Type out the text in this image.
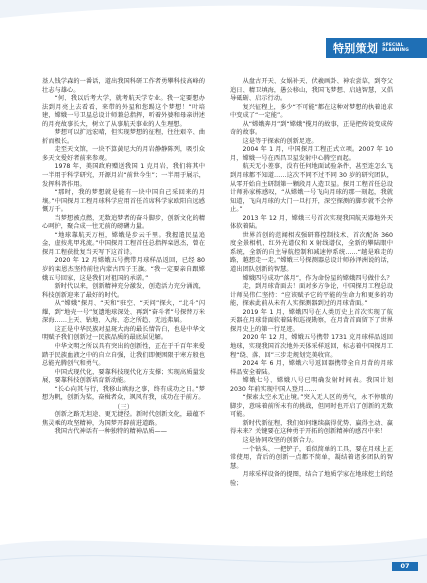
特别策划 SPECIAL
PLANNING

基人钱学森的一番话，道出我国科研工作者勇攀科技高峰的壮志与雄心。

“何、我以后考大学，就考航天学专业。我一定要想办法到月亮上去看看，来带的外星和您踢这个梦想！”叶培建，嫦娥一号卫星总设计师兼总指挥，听着外婆和母亲讲述的月亮故事长大，树立了从事航天事业的人生理想。

梦想可以扩远宏晴，但实现梦想的征程，往往艰辛、曲折而极长。

走至天文馆，一块不算黄尼大的月岩静静陈列，吸引众多天文爱好者前来参观。

1978 年，美国政府赠送我国 1 克月岩，我们将其中一半用于科学研究，开源月岩“前世今生”；一半用于展示，发挥科普作用。

“那时，我的梦想就是能有一块中国自己采回来的月壤。”中国探月工程月球科学应用首任首席科学家欧阳自远感慨万千。

当梦想被点燃，无数追梦者的奋斗脚步，创新文化的精心呵护，聚合成一往无前的磅礴力量。

“地球靠航天万桓，嫦娥是步云千里。我握遣民星追金，虚按兆甲兆流。”中国探月工程首任总指挥栾恩杰，曾在探月工程获批复当天写下这首诗。

2020 年 12 月嫦娥五号携带月球样品返回，已经 80 岁的栾恩杰坚持前往内蒙古四子王旗。“我一定要亲自跟嫦娥五号回家，这是我们对祖国的承诺。”

新时代以来，创新精神充分激发，创造活力充分涌流，科技创新迎来了最好的时代。

从“嫦娥”探月、“天和”驻空、“天问”探火，“北斗”闪耀，到“地壳一号”复遗地球深处、再到“奋斗者”号探替万米深海……上天、钻地、入海、态之所趋、无远弗届。

这正是中华民族对星斑大海的最长情告白，也是中华文明赋予我们创新过一民族品质的最底层见解。

中华文明之所以具有突出的创新性，正在于千百年来爱踏于民族血液之中的自立自强，让我们即便困限于寒方般也总能光腾创气和勇气。

中国式现代化，要靠科技现代化方支撑；实现高质量发展，要靠科技创新培育新动能。

“长心向其与行，我移山填海之事，终有成功之日。”梦想为帆，创新为桨，奋楫者众，飒风有我，成功在于前方。

（三）

创新之路无坦途、更无捷径。新时代创新文化，最蕴不焦灵乘的攻坚精神，为国梦开辟前进道路。

我国古代神话有一种独特的精神品质——

从盘古开天、女娲补天、伏羲画卦、神农尝草，到夸父追日、精卫填海，愚公移山，我国飞梦想、启迪智慧，又倡导砥砺、启示行动。

复兴征程上，多少“不可能”都在这种对梦想的执着追求中变成了“一定能”。

从“嫦娥奔月”到“嫦娥”揽月的故事，正是把传说变成传奇的故事。

这是等于探索的创新足迹。

2004 年 1 月，中国探月工程正式立项。2007 年 10 月，嫦娥一号在西昌卫星发射中心腾空而起。

航天无小差事，没有任何地面试验条件，甚至连怎么飞到月球都不知道……这次不同不过不同 30 岁的研究团队，从零开始自主研制第一颗段月人造卫星。探月工程首任总设计师孙家栋感叹，“从嫦娥一号飞向月球的那一刻起，我就知道，飞向月球的大门一旦打开，深空探测的脚步就不会停止。”

2013 年 12 月，嫦娥三号首次实现我国航天器地外天体软着陆。

世界首创的范闻相戎强研幕控制技术、首次配备 360 度全景相机、红外光谱仪和 X 射线谱仪，全新的攀陆眼中系统，全新的自主导航控制和减速停系统……“越是难走的路，越想走一走。”嫦娥三号探测器总设计师孙泽洲说的话，道出团队创新的智慧。

嫦娥四号成功“落月”，作为命份星的嫦娥四号做什么？

走，到月球背面去！面对多方争论，中国探月工程总设计师吴伟仁坚持：“应该赋予它的平能的生命力和更多的功能，探索此前从未有人实探测器到过的月球背面。”

2019 年 1 月，嫦娥四号在人类历史上首次实现了航天器在月球背面软着陆和巡视勘察，在月背首面留下了世界探月史上的第一行足迹。

2020 年 12 月，嫦娥五号携带 1731 克月球样品返回地球，实现我国首次地外天体采样返回，标志着中国探月工程“绕、落、回”三步走规划完美收官。

2024 年 6 月，嫦娥六号返回器携带全自月背的月球样品安全着陆。

嫦娥七号、嫦娥八号已明确发射时间表。我国计划 2030 年前实现中国人登月……

“探索太空永无止境。”突入无人区的勇气，永不停歇的脚步，意味着前所未有的挑战，但同时也开启了创新的无数可能。

新时代新征程，我们如何继续赢得优势、赢得主动、赢得未来？关键要在这种勇于开拓的创新精神的感召中来！

这是协同攻坚的创新合力。

一个钻头、一把铲子，看似简单的工具，要在月球上正常使用，背后的创新一点都不简单，凝结着诸多团队的智慧。

月球采样设备的提图，结合了地质学家在地球挖土的经验；

07
